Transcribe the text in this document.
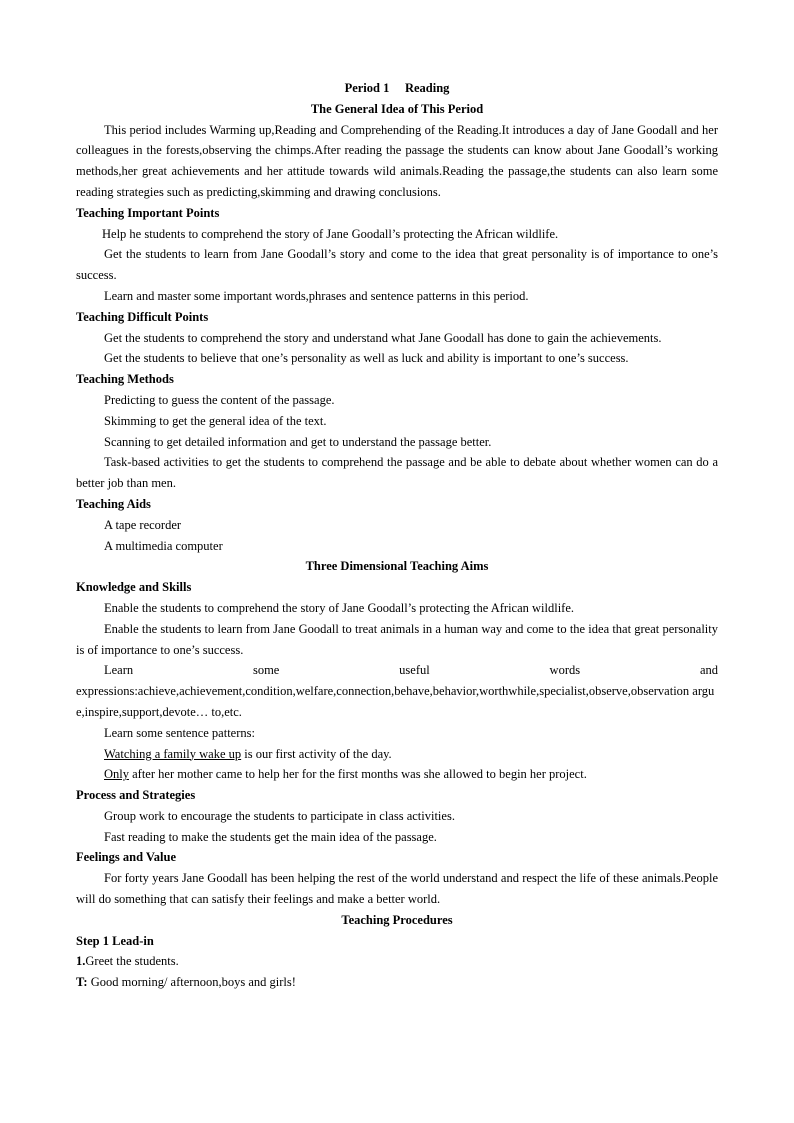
Period 1     Reading
The General Idea of This Period

This period includes Warming up,Reading and Comprehending of the Reading.It introduces a day of Jane Goodall and her colleagues in the forests,observing the chimps.After reading the passage the students can know about Jane Goodall’s working methods,her great achievements and her attitude towards wild animals.Reading the passage,the students can also learn some reading strategies such as predicting,skimming and drawing conclusions.

Teaching Important Points

Help he students to comprehend the story of Jane Goodall’s protecting the African wildlife.

Get the students to learn from Jane Goodall’s story and come to the idea that great personality is of importance to one’s success.

Learn and master some important words,phrases and sentence patterns in this period.

Teaching Difficult Points

Get the students to comprehend the story and understand what Jane Goodall has done to gain the achievements.

Get the students to believe that one’s personality as well as luck and ability is important to one’s success.

Teaching Methods

Predicting to guess the content of the passage.

Skimming to get the general idea of the text.

Scanning to get detailed information and get to understand the passage better.

Task-based activities to get the students to comprehend the passage and be able to debate about whether women can do a better job than men.

Teaching Aids

A tape recorder

A multimedia computer

Three Dimensional Teaching Aims
Knowledge and Skills

Enable the students to comprehend the story of Jane Goodall’s protecting the African wildlife.

Enable the students to learn from Jane Goodall to treat animals in a human way and come to the idea that great personality is of importance to one’s success.

Learn some useful words and

expressions:achieve,achievement,condition,welfare,connection,behave,behavior,worthwhile,specialist,observe,observation argue,inspire,support,devote… to,etc.

Learn some sentence patterns:

Watching a family wake up is our first activity of the day.

Only after her mother came to help her for the first months was she allowed to begin her project.

Process and Strategies

Group work to encourage the students to participate in class activities.

Fast reading to make the students get the main idea of the passage.

Feelings and Value

For forty years Jane Goodall has been helping the rest of the world understand and respect the life of these animals.People will do something that can satisfy their feelings and make a better world.

Teaching Procedures
Step 1 Lead-in
1.Greet the students.
T: Good morning/ afternoon,boys and girls!
